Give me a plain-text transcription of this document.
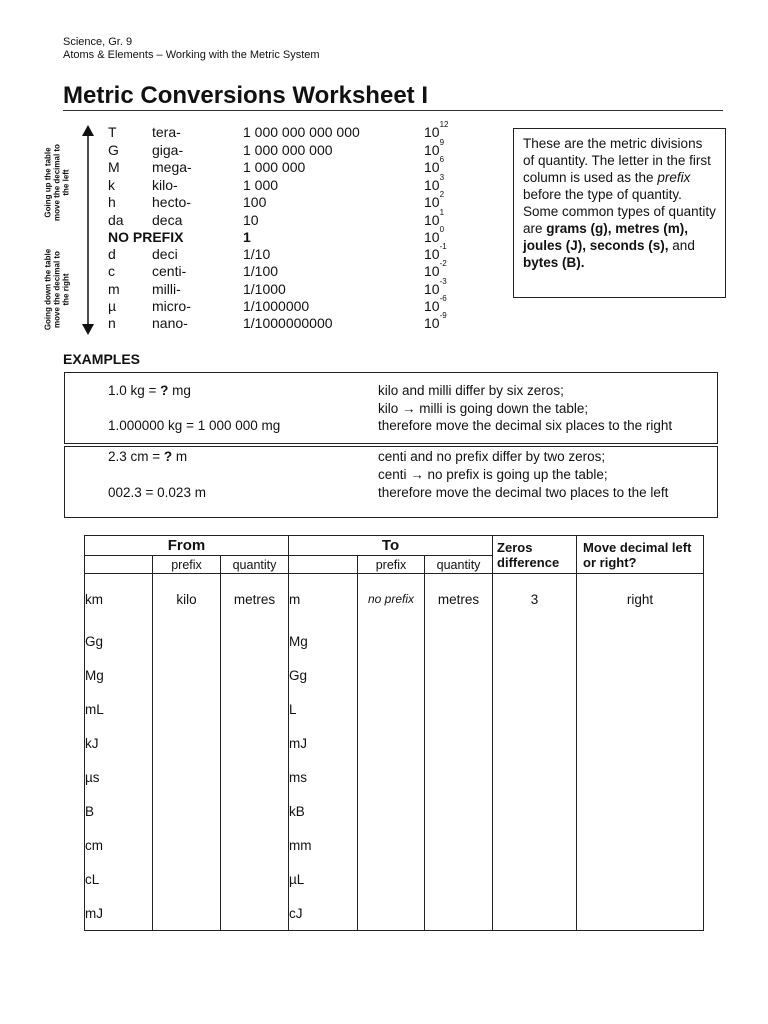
Science, Gr. 9
Atoms & Elements – Working with the Metric System
Metric Conversions Worksheet I
Going up the table move the decimal to the left
Going down the table move the decimal to the right
T	tera-	1 000 000 000 000	$10^{12}$
G giga-	1 000 000 000	$10^9$
M mega-	1 000 000	$10^6$
k	kilo-	1 000	$10^3$
h	hecto-	100	$10^2$
da deca	10	$10^1$
NO PREFIX	1	$10^0$
d	deci	1/10	$10^{-1}$
c	centi-	1/100	$10^{-2}$
m milli-	1/1000	$10^{-3}$
µ	micro-	1/1000000	$10^{-6}$
n	nano-	1/1000000000	$10^{-9}$
These are the metric divisions of quantity. The letter in the first column is used as the prefix before the type of quantity. Some common types of quantity are grams (g), metres (m), joules (J), seconds (s), and bytes (B).
EXAMPLES
1.0 kg = ? mg
1.000000 kg = 1 000 000 mg
kilo and milli differ by six zeros;
kilo → milli is going down the table;
therefore move the decimal six places to the right
2.3 cm = ? m
002.3 = 0.023 m
centi and no prefix differ by two zeros;
centi → no prefix is going up the table;
therefore move the decimal two places to the left
From			To			Zeros difference	Move decimal left or right?
	prefix	quantity		prefix	quantity		
km	kilo	metres	m	no prefix	metres	3	right
Gg			Mg				
Mg			Gg				
mL			L				
kJ			mJ				
µs			ms				
B			kB				
cm			mm				
cL			µL				
mJ			cJ				
